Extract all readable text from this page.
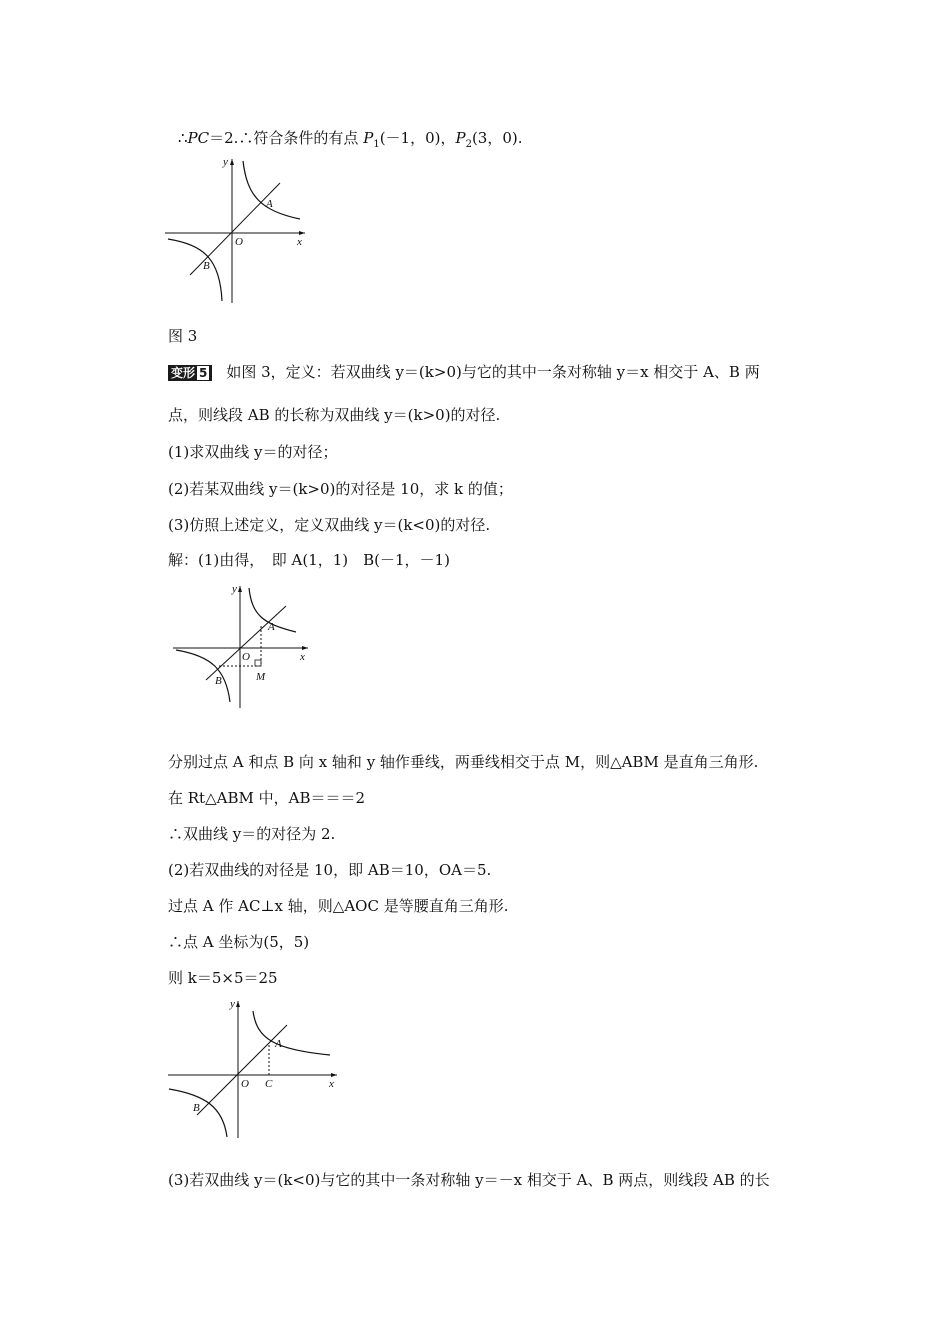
∴PC＝2.∴符合条件的有点 $P_1(-1$，0)，$P_2(3$，0).
y
x
O
A
B
图 3
变形 5 如图 3，定义：若双曲线 y＝(k>0)与它的其中一条对称轴 y＝x 相交于 A、B 两
点，则线段 AB 的长称为双曲线 y＝(k>0)的对径.
(1)求双曲线 y＝的对径；
(2)若某双曲线 y＝(k>0)的对径是 10，求 k 的值；
(3)仿照上述定义，定义双曲线 y＝(k<0)的对径.
解：(1)由得，　即 A(1，1)　B(－1，－1)
y
x
O
A
B	M
分别过点 A 和点 B 向 x 轴和 y 轴作垂线，两垂线相交于点 M，则△ABM 是直角三角形.
在 Rt△ABM 中，AB＝＝＝2
∴双曲线 y＝的对径为 2.
(2)若双曲线的对径是 10，即 AB＝10，OA＝5.
过点 A 作 AC⊥x 轴，则△AOC 是等腰直角三角形.
∴点 A 坐标为(5，5)
则 k＝5×5＝25
y
x
O
A
C
B
(3)若双曲线 y＝(k<0)与它的其中一条对称轴 y＝－x 相交于 A、B 两点，则线段 AB 的长
